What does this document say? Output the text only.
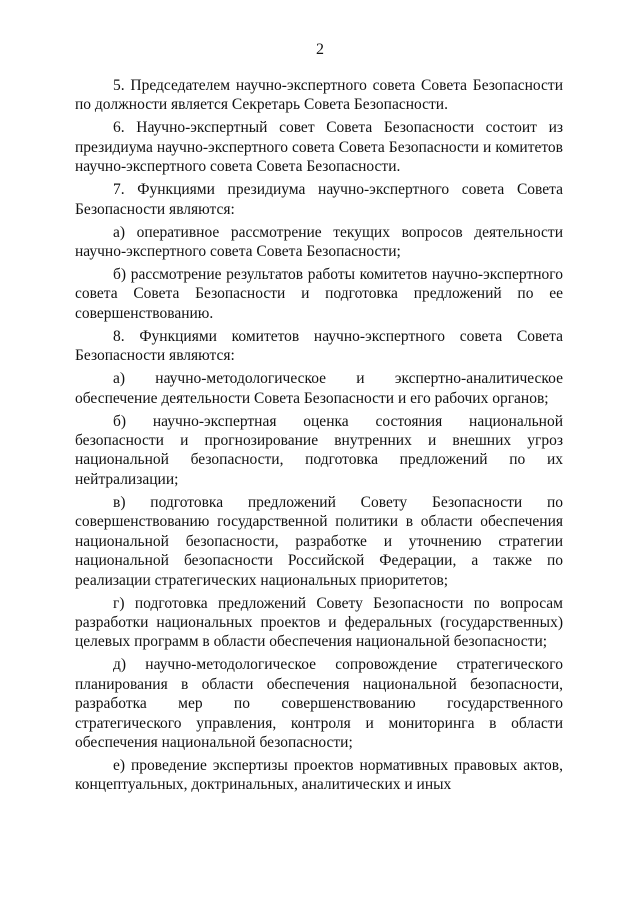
2

5. Председателем научно-экспертного совета Совета Безопасности по должности является Секретарь Совета Безопасности.

6. Научно-экспертный совет Совета Безопасности состоит из президиума научно-экспертного совета Совета Безопасности и комитетов научно-экспертного совета Совета Безопасности.

7. Функциями президиума научно-экспертного совета Совета Безопасности являются:

а) оперативное рассмотрение текущих вопросов деятельности научно-экспертного совета Совета Безопасности;

б) рассмотрение результатов работы комитетов научно-экспертного совета Совета Безопасности и подготовка предложений по ее совершенствованию.

8. Функциями комитетов научно-экспертного совета Совета Безопасности являются:

а) научно-методологическое и экспертно-аналитическое обеспечение деятельности Совета Безопасности и его рабочих органов;

б) научно-экспертная оценка состояния национальной безопасности и прогнозирование внутренних и внешних угроз национальной безопасности, подготовка предложений по их нейтрализации;

в) подготовка предложений Совету Безопасности по совершенствованию государственной политики в области обеспечения национальной безопасности, разработке и уточнению стратегии национальной безопасности Российской Федерации, а также по реализации стратегических национальных приоритетов;

г) подготовка предложений Совету Безопасности по вопросам разработки национальных проектов и федеральных (государственных) целевых программ в области обеспечения национальной безопасности;

д) научно-методологическое сопровождение стратегического планирования в области обеспечения национальной безопасности, разработка мер по совершенствованию государственного стратегического управления, контроля и мониторинга в области обеспечения национальной безопасности;

е) проведение экспертизы проектов нормативных правовых актов, концептуальных, доктринальных, аналитических и иных
